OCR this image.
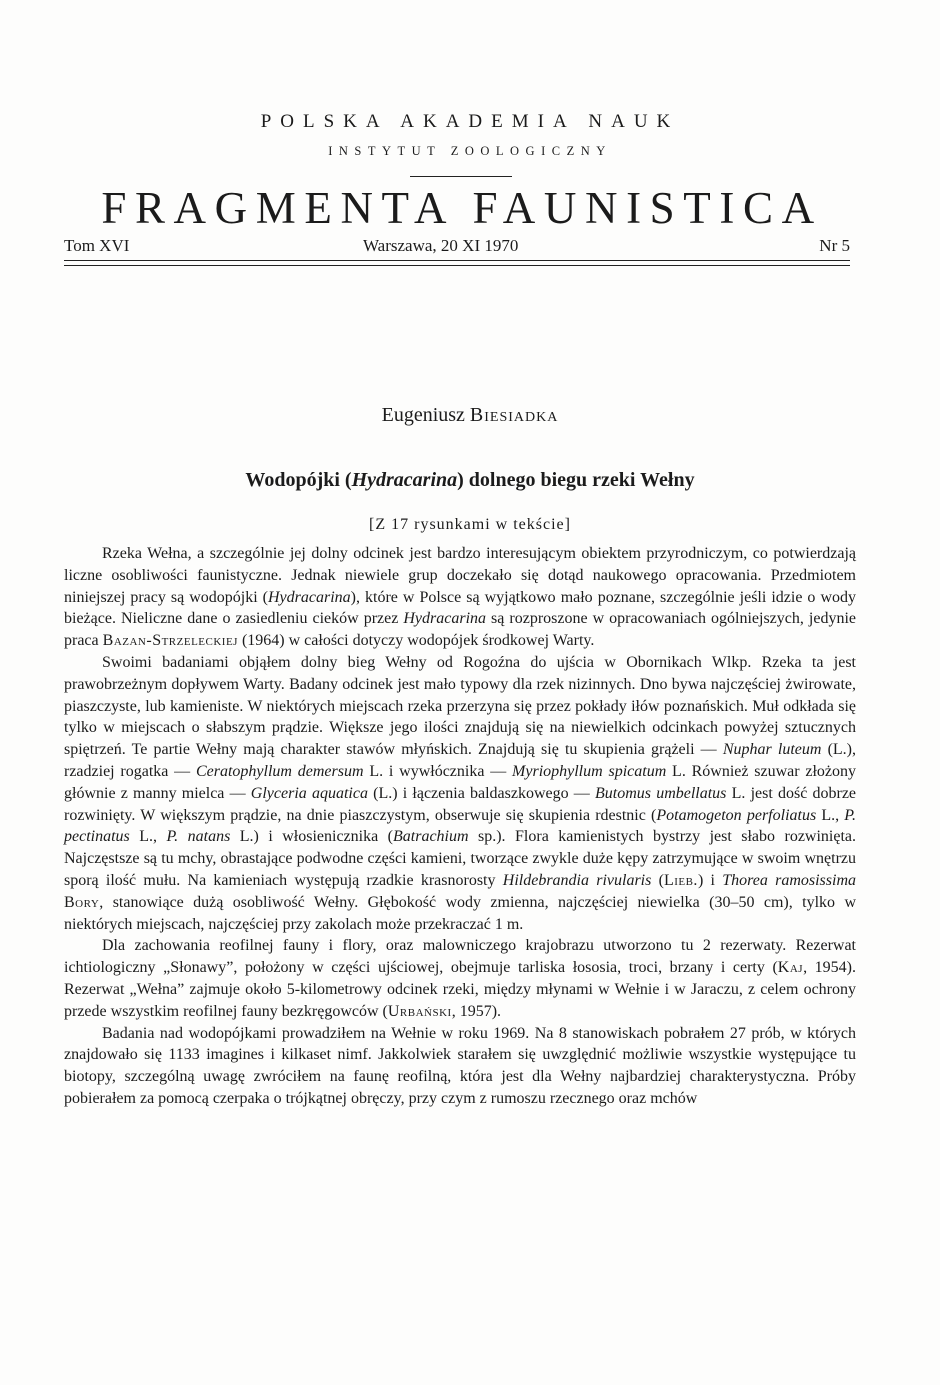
POLSKA AKADEMIA NAUK
INSTYTUT ZOOLOGICZNY
FRAGMENTA FAUNISTICA
Tom XVI	Warszawa, 20 XI 1970	Nr 5
Eugeniusz Biesiadka
Wodopójki (Hydracarina) dolnego biegu rzeki Wełny
[Z 17 rysunkami w tekście]

Rzeka Wełna, a szczególnie jej dolny odcinek jest bardzo interesującym obiektem przyrodniczym, co potwierdzają liczne osobliwości faunistyczne. Jednak niewiele grup doczekało się dotąd naukowego opracowania. Przedmiotem niniejszej pracy są wodopójki (Hydracarina), które w Polsce są wyjątkowo mało poznane, szczególnie jeśli idzie o wody bieżące. Nieliczne dane o zasiedleniu cieków przez Hydracarina są rozproszone w opracowaniach ogólniejszych, jedynie praca Bazan-Strzeleckiej (1964) w całości dotyczy wodopójek środkowej Warty.

Swoimi badaniami objąłem dolny bieg Wełny od Rogoźna do ujścia w Obornikach Wlkp. Rzeka ta jest prawobrzeżnym dopływem Warty. Badany odcinek jest mało typowy dla rzek nizinnych. Dno bywa najczęściej żwirowate, piaszczyste, lub kamieniste. W niektórych miejscach rzeka przerzyna się przez pokłady iłów poznańskich. Muł odkłada się tylko w miejscach o słabszym prądzie. Większe jego ilości znajdują się na niewielkich odcinkach powyżej sztucznych spiętrzeń. Te partie Wełny mają charakter stawów młyńskich. Znajdują się tu skupienia grążeli — Nuphar luteum (L.), rzadziej rogatka — Ceratophyllum demersum L. i wywłócznika — Myriophyllum spicatum L. Również szuwar złożony głównie z manny mielca — Glyceria aquatica (L.) i łączenia baldaszkowego — Butomus umbellatus L. jest dość dobrze rozwinięty. W większym prądzie, na dnie piaszczystym, obserwuje się skupienia rdestnic (Potamogeton perfoliatus L., P. pectinatus L., P. natans L.) i włosienicznika (Batrachium sp.). Flora kamienistych bystrzy jest słabo rozwinięta. Najczęstsze są tu mchy, obrastające podwodne części kamieni, tworzące zwykle duże kępy zatrzymujące w swoim wnętrzu sporą ilość mułu. Na kamieniach występują rzadkie krasnorosty Hildebrandia rivularis (Lieb.) i Thorea ramosissima Bory, stanowiące dużą osobliwość Wełny. Głębokość wody zmienna, najczęściej niewielka (30–50 cm), tylko w niektórych miejscach, najczęściej przy zakolach może przekraczać 1 m.

Dla zachowania reofilnej fauny i flory, oraz malowniczego krajobrazu utworzono tu 2 rezerwaty. Rezerwat ichtiologiczny „Słonawy”, położony w części ujściowej, obejmuje tarliska łososia, troci, brzany i certy (Kaj, 1954). Rezerwat „Wełna” zajmuje około 5-kilometrowy odcinek rzeki, między młynami w Wełnie i w Jaraczu, z celem ochrony przede wszystkim reofilnej fauny bezkręgowców (Urbański, 1957).

Badania nad wodopójkami prowadziłem na Wełnie w roku 1969. Na 8 stanowiskach pobrałem 27 prób, w których znajdowało się 1133 imagines i kilkaset nimf. Jakkolwiek starałem się uwzględnić możliwie wszystkie występujące tu biotopy, szczególną uwagę zwróciłem na faunę reofilną, która jest dla Wełny najbardziej charakterystyczna. Próby pobierałem za pomocą czerpaka o trójkątnej obręczy, przy czym z rumoszu rzecznego oraz mchów
